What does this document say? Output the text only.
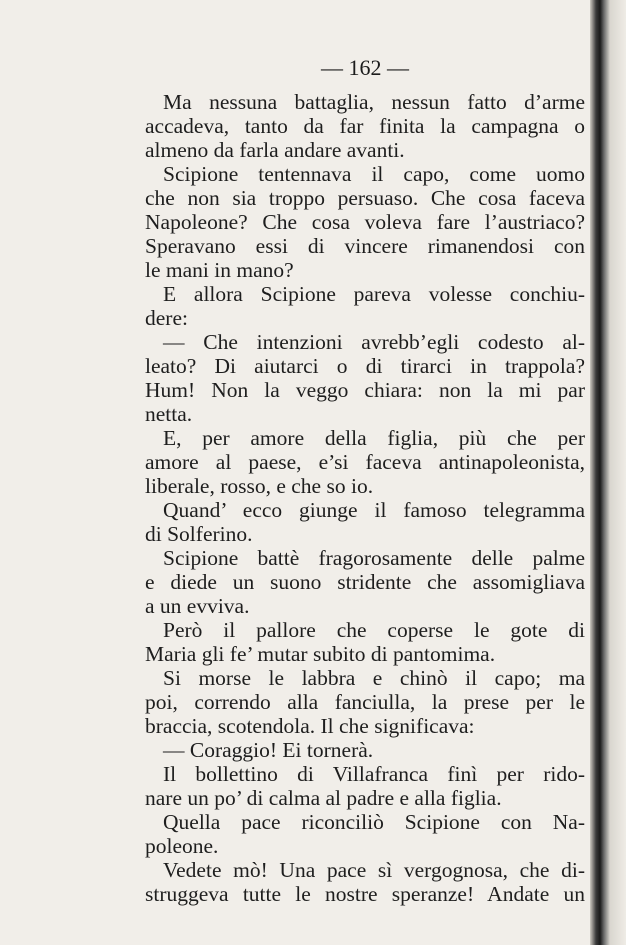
— 162 —
Ma nessuna battaglia, nessun fatto d’arme
accadeva, tanto da far finita la campagna o
almeno da farla andare avanti.
Scipione tentennava il capo, come uomo
che non sia troppo persuaso. Che cosa faceva
Napoleone? Che cosa voleva fare l’austriaco?
Speravano essi di vincere rimanendosi con
le mani in mano?
E allora Scipione pareva volesse conchiu-
dere:
— Che intenzioni avrebb’egli codesto al-
leato? Di aiutarci o di tirarci in trappola?
Hum! Non la veggo chiara: non la mi par
netta.
E, per amore della figlia, più che per
amore al paese, e’si faceva antinapoleonista,
liberale, rosso, e che so io.
Quand’ ecco giunge il famoso telegramma
di Solferino.
Scipione battè fragorosamente delle palme
e diede un suono stridente che assomigliava
a un evviva.
Però il pallore che coperse le gote di
Maria gli fe’ mutar subito di pantomima.
Si morse le labbra e chinò il capo; ma
poi, correndo alla fanciulla, la prese per le
braccia, scotendola. Il che significava:
— Coraggio! Ei tornerà.
Il bollettino di Villafranca finì per rido-
nare un po’ di calma al padre e alla figlia.
Quella pace riconciliò Scipione con Na-
poleone.
Vedete mò! Una pace sì vergognosa, che di-
struggeva tutte le nostre speranze! Andate un
